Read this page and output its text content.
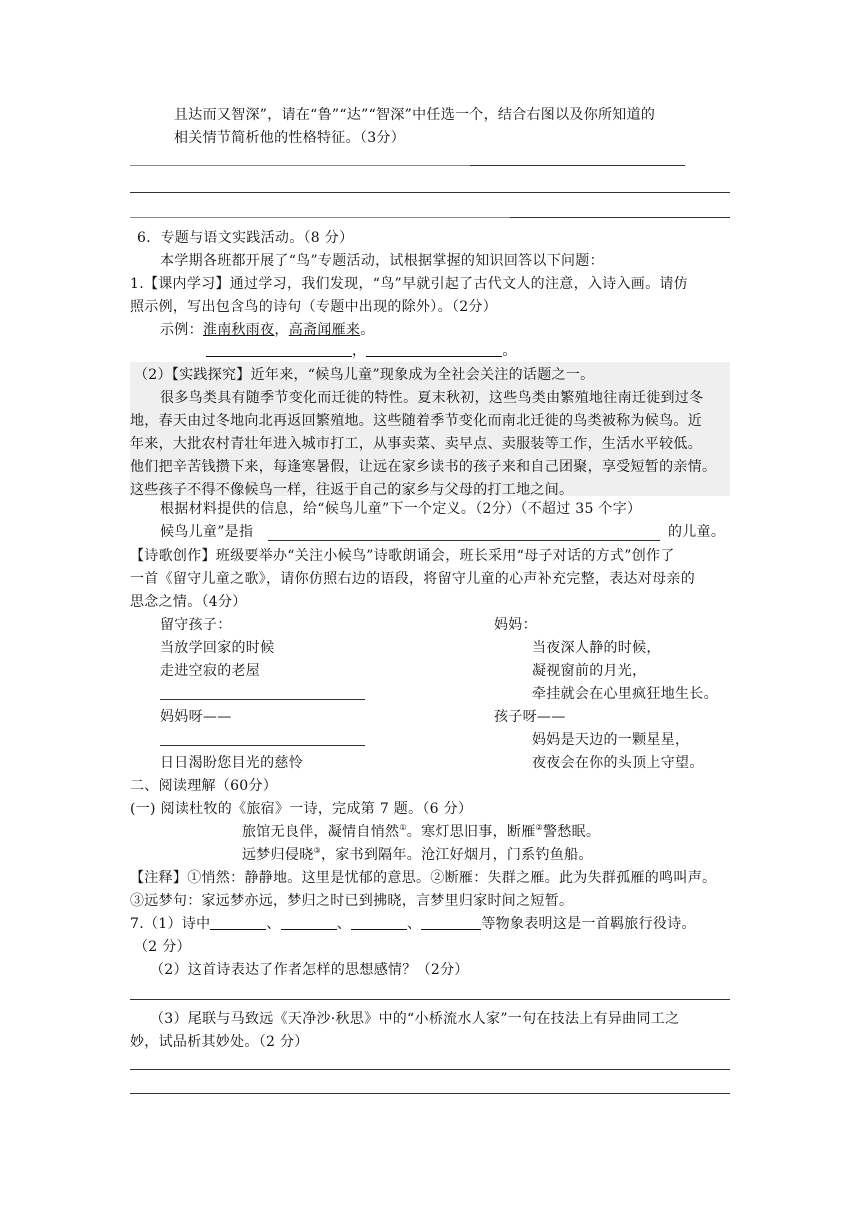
且达而又智深”，请在“鲁”“达”“智深”中任选一个，结合右图以及你所知道的
相关情节简析他的性格特征。（3分）
6．专题与语文实践活动。（8 分）
本学期各班都开展了“鸟”专题活动，试根据掌握的知识回答以下问题：
1.【课内学习】通过学习，我们发现，“鸟”早就引起了古代文人的注意，入诗入画。请仿
照示例，写出包含鸟的诗句（专题中出现的除外）。（2分）
示例：淮南秋雨夜，高斋闻雁来。
，	。
（2）【实践探究】近年来，“候鸟儿童”现象成为全社会关注的话题之一。
很多鸟类具有随季节变化而迁徙的特性。夏末秋初，这些鸟类由繁殖地往南迁徙到过冬
地，春天由过冬地向北再返回繁殖地。这些随着季节变化而南北迁徙的鸟类被称为候鸟。近
年来，大批农村青壮年进入城市打工，从事卖菜、卖早点、卖服装等工作，生活水平较低。
他们把辛苦钱攒下来，每逢寒暑假，让远在家乡读书的孩子来和自己团聚，享受短暂的亲情。
这些孩子不得不像候鸟一样，往返于自己的家乡与父母的打工地之间。
根据材料提供的信息，给“候鸟儿童”下一个定义。（2分）（不超过 35 个字）
候鸟儿童”是指	的儿童。
【诗歌创作】班级要举办“关注小候鸟”诗歌朗诵会，班长采用“母子对话的方式”创作了
一首《留守儿童之歌》，请你仿照右边的语段，将留守儿童的心声补充完整，表达对母亲的
思念之情。（4分）
留守孩子：
当放学回家的时候
走进空寂的老屋
妈妈呀——
日日渴盼您目光的慈怜
妈妈：
当夜深人静的时候，
凝视窗前的月光，
牵挂就会在心里疯狂地生长。
孩子呀——
妈妈是天边的一颗星星，
夜夜会在你的头顶上守望。
二、阅读理解（60分）
(一) 阅读杜牧的《旅宿》一诗，完成第 7 题。（6 分）
旅馆无良伴，凝情自悄然①。寒灯思旧事，断雁②警愁眠。
远梦归侵晓③，家书到隔年。沧江好烟月，门系钓鱼船。
【注释】①悄然：静静地。这里是忧郁的意思。②断雁：失群之雁。此为失群孤雁的鸣叫声。
③远梦句：家远梦亦远，梦归之时已到拂晓，言梦里归家时间之短暂。
7.（1）诗中	、	、	、	等物象表明这是一首羁旅行役诗。
（2 分）
（2）这首诗表达了作者怎样的思想感情？（2分）
（3）尾联与马致远《天净沙·秋思》中的“小桥流水人家”一句在技法上有异曲同工之
妙，试品析其妙处。（2 分）
